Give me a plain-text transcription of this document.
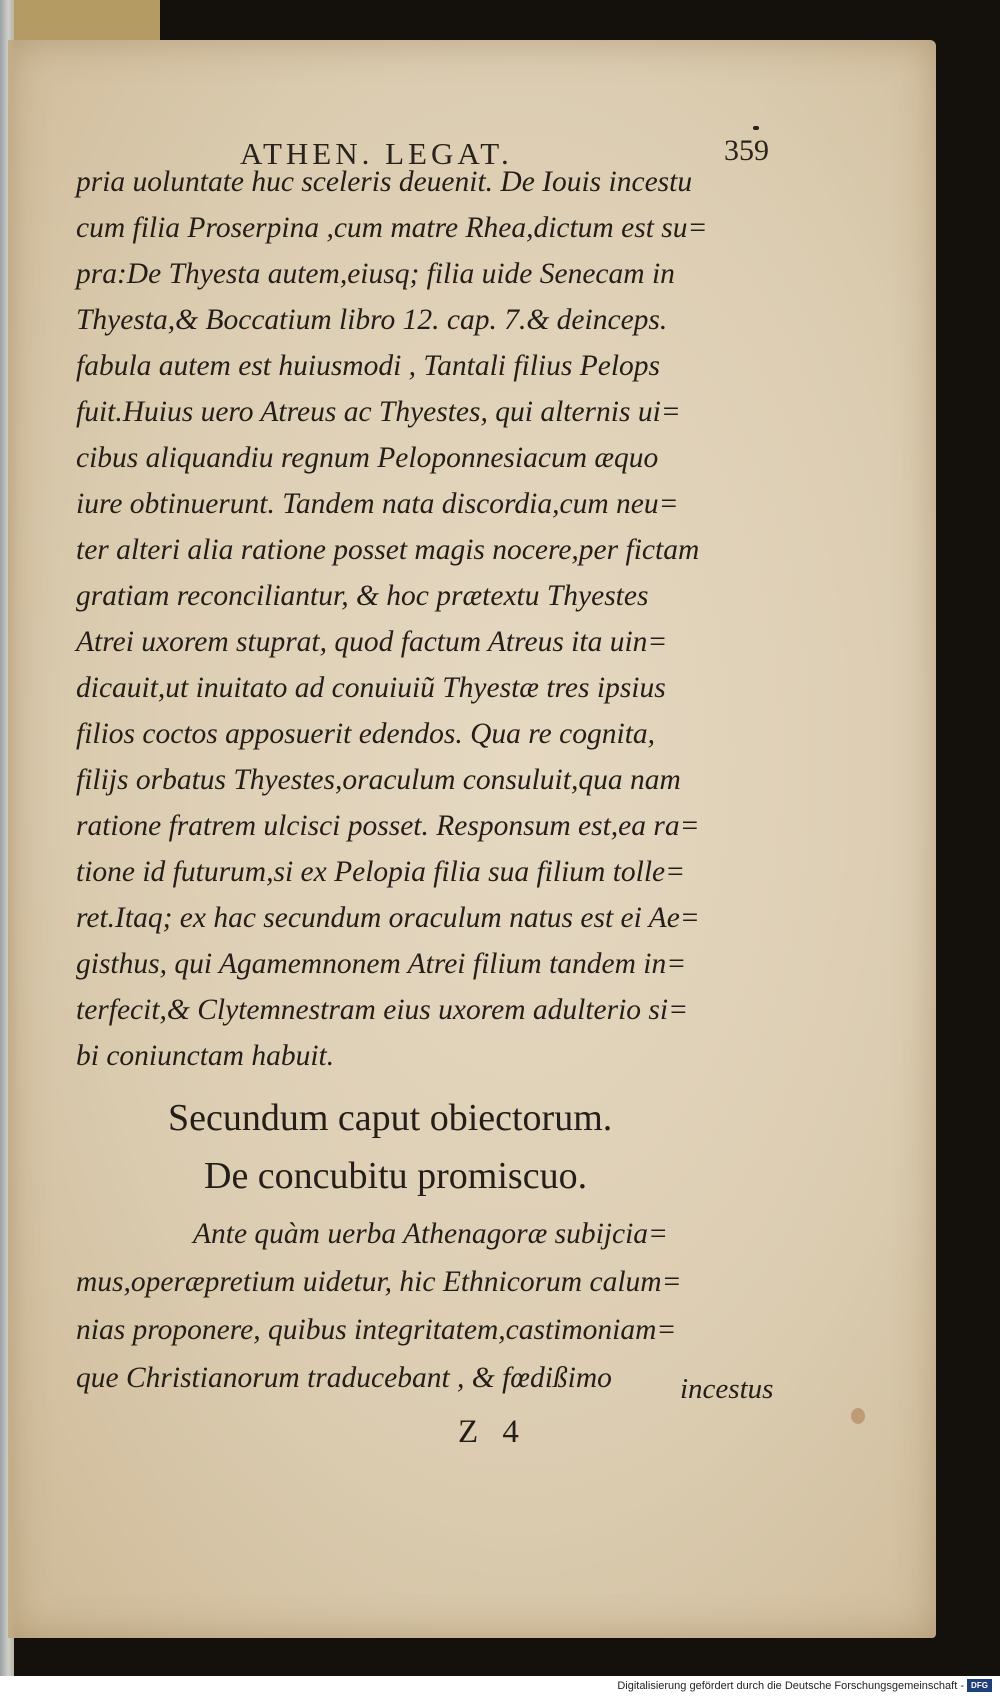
ATHEN. LEGAT.	359
pria uoluntate huc sceleris deuenit. De Iouis incestu
cum filia Proserpina ,cum matre Rhea,dictum est su=
pra:De Thyesta autem,eiusq; filia uide Senecam in
Thyesta,& Boccatium libro 12. cap. 7.& deinceps.
fabula autem est huiusmodi , Tantali filius Pelops
fuit.Huius uero Atreus ac Thyestes, qui alternis ui=
cibus aliquandiu regnum Peloponnesiacum æquo
iure obtinuerunt. Tandem nata discordia,cum neu=
ter alteri alia ratione posset magis nocere,per fictam
gratiam reconciliantur, & hoc prætextu Thyestes
Atrei uxorem stuprat, quod factum Atreus ita uin=
dicauit,ut inuitato ad conuiuiũ Thyestæ tres ipsius
filios coctos apposuerit edendos. Qua re cognita,
filijs orbatus Thyestes,oraculum consuluit,qua nam
ratione fratrem ulcisci posset. Responsum est,ea ra=
tione id futurum,si ex Pelopia filia sua filium tolle=
ret.Itaq; ex hac secundum oraculum natus est ei Ae=
gisthus, qui Agamemnonem Atrei filium tandem in=
terfecit,& Clytemnestram eius uxorem adulterio si=
bi coniunctam habuit.
Secundum caput obiectorum.
De concubitu promiscuo.
Ante quàm uerba Athenagoræ subijcia=
mus,operæpretium uidetur, hic Ethnicorum calum=
nias proponere, quibus integritatem,castimoniam=
que Christianorum traducebant , & fœdißimo	incestus
Z 4
Digitalisierung gefördert durch die Deutsche Forschungsgemeinschaft - DFG
